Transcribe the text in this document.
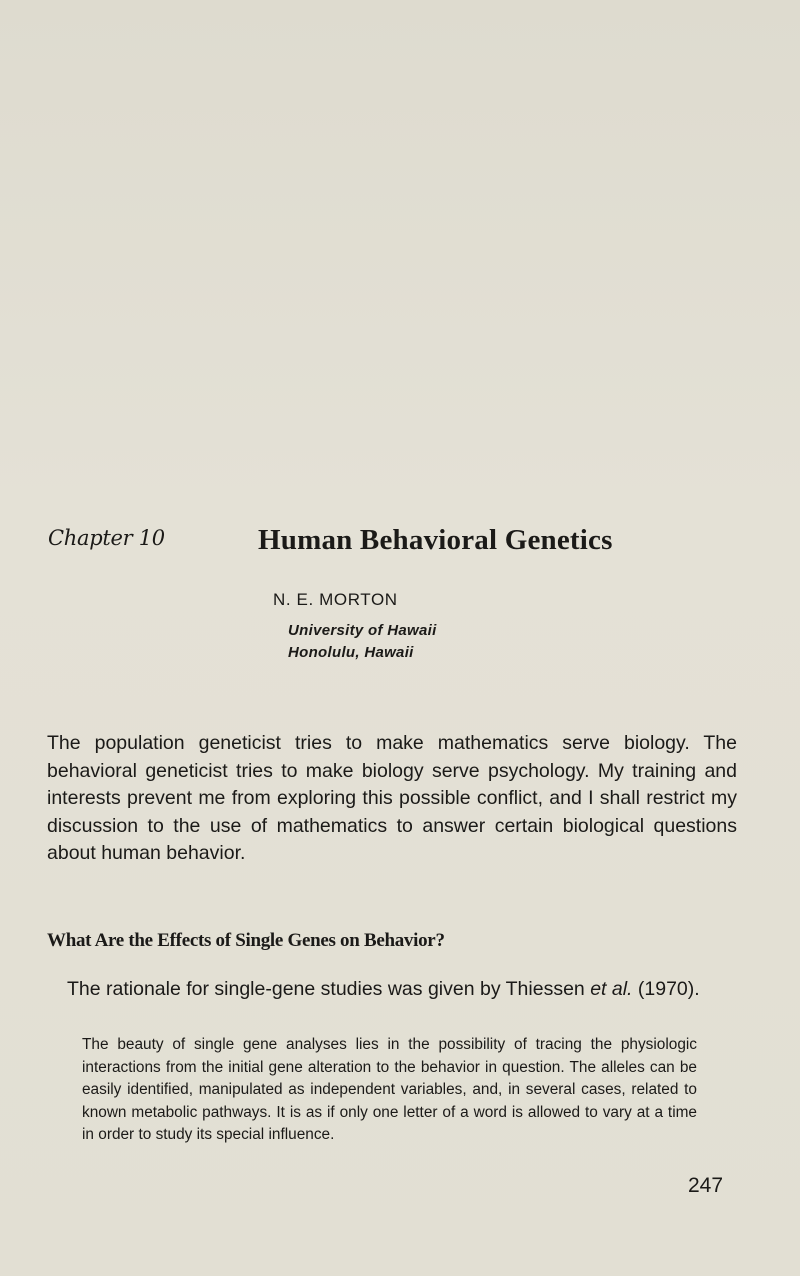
Chapter 10	Human Behavioral Genetics
N. E. MORTON
University of Hawaii
Honolulu, Hawaii

The population geneticist tries to make mathematics serve biology. The behavioral geneticist tries to make biology serve psychology. My training and interests prevent me from exploring this possible conflict, and I shall restrict my discussion to the use of mathematics to answer certain biological questions about human behavior.

What Are the Effects of Single Genes on Behavior?

The rationale for single-gene studies was given by Thiessen et al. (1970).

The beauty of single gene analyses lies in the possibility of tracing the physiologic interactions from the initial gene alteration to the behavior in question. The alleles can be easily identified, manipulated as independent variables, and, in several cases, related to known metabolic pathways. It is as if only one letter of a word is allowed to vary at a time in order to study its special influence.

247
